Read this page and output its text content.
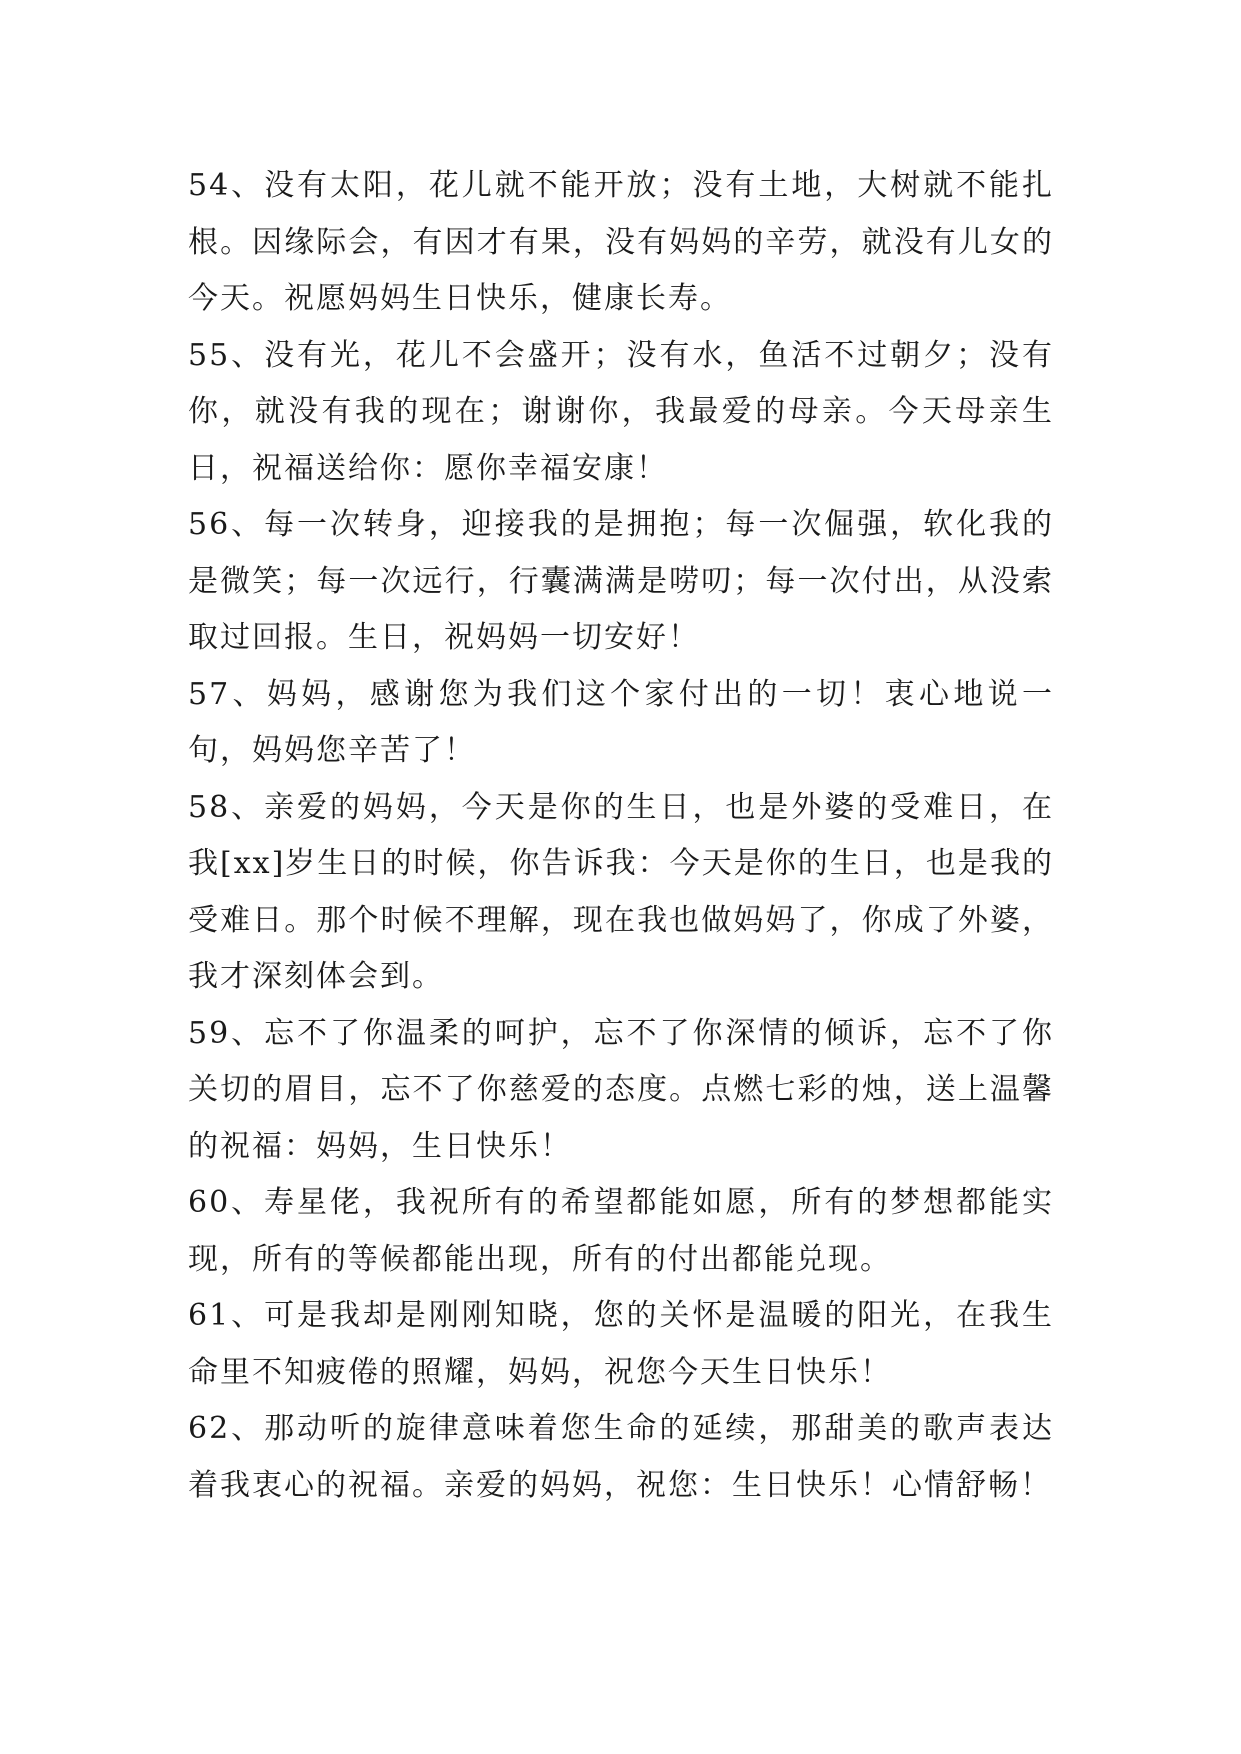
54、没有太阳，花儿就不能开放；没有土地，大树就不能扎根。因缘际会，有因才有果，没有妈妈的辛劳，就没有儿女的今天。祝愿妈妈生日快乐，健康长寿。

55、没有光，花儿不会盛开；没有水，鱼活不过朝夕；没有你，就没有我的现在；谢谢你，我最爱的母亲。今天母亲生日，祝福送给你：愿你幸福安康！

56、每一次转身，迎接我的是拥抱；每一次倔强，软化我的是微笑；每一次远行，行囊满满是唠叨；每一次付出，从没索取过回报。生日，祝妈妈一切安好！

57、妈妈，感谢您为我们这个家付出的一切！衷心地说一句，妈妈您辛苦了！

58、亲爱的妈妈，今天是你的生日，也是外婆的受难日，在我[xx]岁生日的时候，你告诉我：今天是你的生日，也是我的受难日。那个时候不理解，现在我也做妈妈了，你成了外婆，我才深刻体会到。

59、忘不了你温柔的呵护，忘不了你深情的倾诉，忘不了你关切的眉目，忘不了你慈爱的态度。点燃七彩的烛，送上温馨的祝福：妈妈，生日快乐！

60、寿星佬，我祝所有的希望都能如愿，所有的梦想都能实现，所有的等候都能出现，所有的付出都能兑现。

61、可是我却是刚刚知晓，您的关怀是温暖的阳光，在我生命里不知疲倦的照耀，妈妈，祝您今天生日快乐！

62、那动听的旋律意味着您生命的延续，那甜美的歌声表达着我衷心的祝福。亲爱的妈妈，祝您：生日快乐！心情舒畅！
